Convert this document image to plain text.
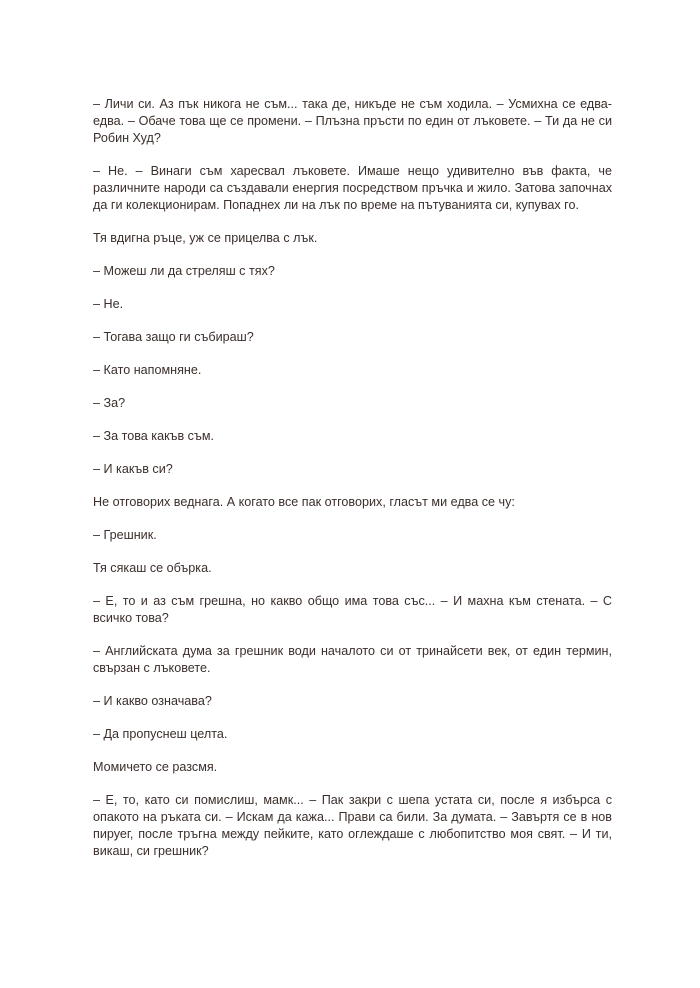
– Личи си. Аз пък никога не съм... така де, никъде не съм ходила. – Усмихна се едва-едва. – Обаче това ще се промени. – Плъзна пръсти по един от лъковете. – Ти да не си Робин Худ?

– Не. – Винаги съм харесвал лъковете. Имаше нещо удивително във факта, че различните народи са създавали енергия посредством пръчка и жило. Затова започнах да ги колекционирам. Попаднех ли на лък по време на пътуванията си, купувах го.

Тя вдигна ръце, уж се прицелва с лък.

– Можеш ли да стреляш с тях?

– Не.

– Тогава защо ги събираш?

– Като напомняне.

– За?

– За това какъв съм.

– И какъв си?

Не отговорих веднага. А когато все пак отговорих, гласът ми едва се чу:

– Грешник.

Тя сякаш се обърка.

– Е, то и аз съм грешна, но какво общо има това със... – И махна към стената. – С всичко това?

– Английската дума за грешник води началото си от тринайсети век, от един термин, свързан с лъковете.

– И какво означава?

– Да пропуснеш целта.

Момичето се разсмя.

– Е, то, като си помислиш, мамк... – Пак закри с шепа устата си, после я избърса с опакото на ръката си. – Искам да кажа... Прави са били. За думата. – Завъртя се в нов пируег, после тръгна между пейките, като оглеждаше с любопитство моя свят. – И ти, викаш, си грешник?
